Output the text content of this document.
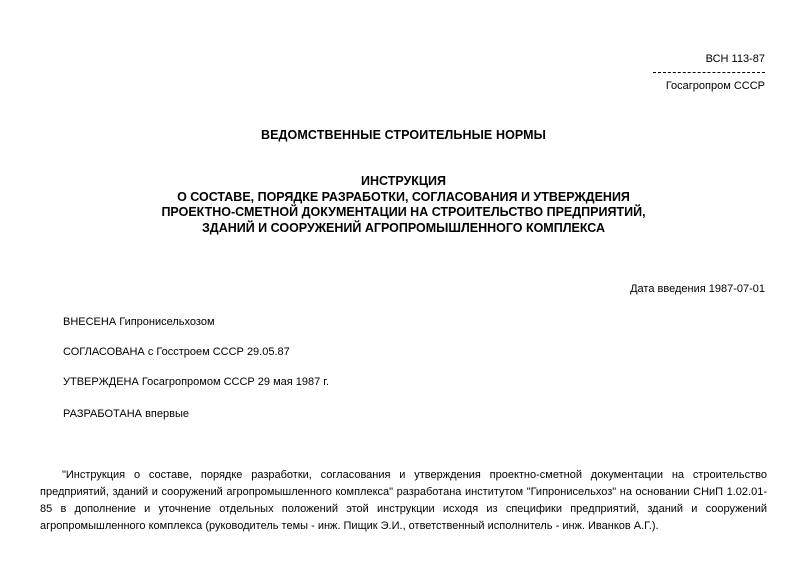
ВСН 113-87
Госагропром СССР
ВЕДОМСТВЕННЫЕ СТРОИТЕЛЬНЫЕ НОРМЫ
ИНСТРУКЦИЯ
О СОСТАВЕ, ПОРЯДКЕ РАЗРАБОТКИ, СОГЛАСОВАНИЯ И УТВЕРЖДЕНИЯ
ПРОЕКТНО-СМЕТНОЙ ДОКУМЕНТАЦИИ НА СТРОИТЕЛЬСТВО ПРЕДПРИЯТИЙ,
ЗДАНИЙ И СООРУЖЕНИЙ АГРОПРОМЫШЛЕННОГО КОМПЛЕКСА
Дата введения 1987-07-01
ВНЕСЕНА Гипронисельхозом
СОГЛАСОВАНА с Госстроем СССР 29.05.87
УТВЕРЖДЕНА Госагропромом СССР 29 мая 1987 г.
РАЗРАБОТАНА впервые

"Инструкция о составе, порядке разработки, согласования и утверждения проектно-сметной документации на строительство предприятий, зданий и сооружений агропромышленного комплекса" разработана институтом "Гипронисельхоз" на основании СНиП 1.02.01-85 в дополнение и уточнение отдельных положений этой инструкции исходя из специфики предприятий, зданий и сооружений агропромышленного комплекса (руководитель темы - инж. Пищик Э.И., ответственный исполнитель - инж. Иванков А.Г.).
